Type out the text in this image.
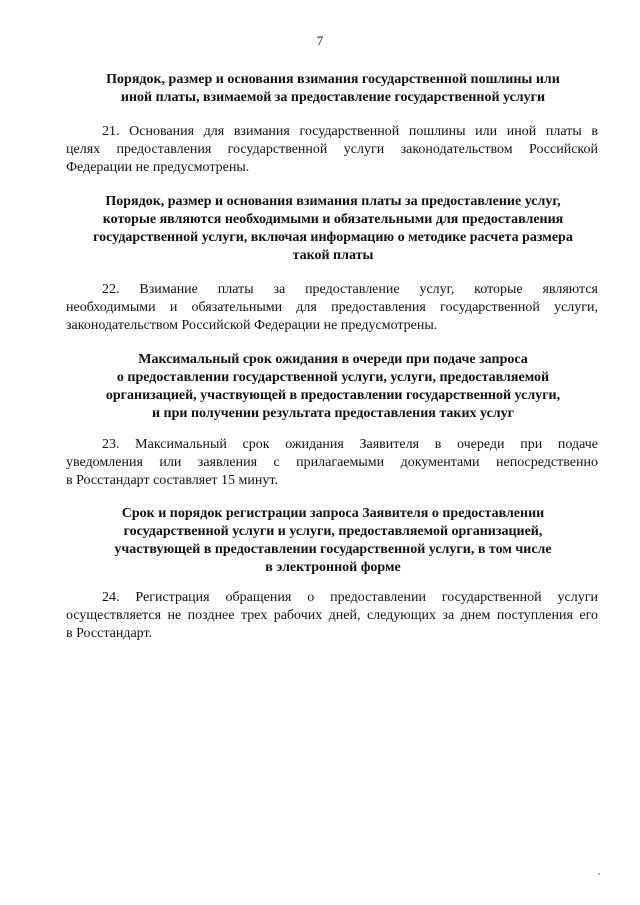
7
Порядок, размер и основания взимания государственной пошлины или
иной платы, взимаемой за предоставление государственной услуги
21. Основания для взимания государственной пошлины или иной платы в
целях предоставления государственной услуги законодательством Российской
Федерации не предусмотрены.
Порядок, размер и основания взимания платы за предоставление услуг,
которые являются необходимыми и обязательными для предоставления
государственной услуги, включая информацию о методике расчета размера
такой платы
22. Взимание платы за предоставление услуг, которые являются
необходимыми и обязательными для предоставления государственной услуги,
законодательством Российской Федерации не предусмотрены.
Максимальный срок ожидания в очереди при подаче запроса
о предоставлении государственной услуги, услуги, предоставляемой
организацией, участвующей в предоставлении государственной услуги,
и при получении результата предоставления таких услуг
23. Максимальный срок ожидания Заявителя в очереди при подаче
уведомления или заявления с прилагаемыми документами непосредственно
в Росстандарт составляет 15 минут.
Срок и порядок регистрации запроса Заявителя о предоставлении
государственной услуги и услуги, предоставляемой организацией,
участвующей в предоставлении государственной услуги, в том числе
в электронной форме
24. Регистрация обращения о предоставлении государственной услуги
осуществляется не позднее трех рабочих дней, следующих за днем поступления его
в Росстандарт.
